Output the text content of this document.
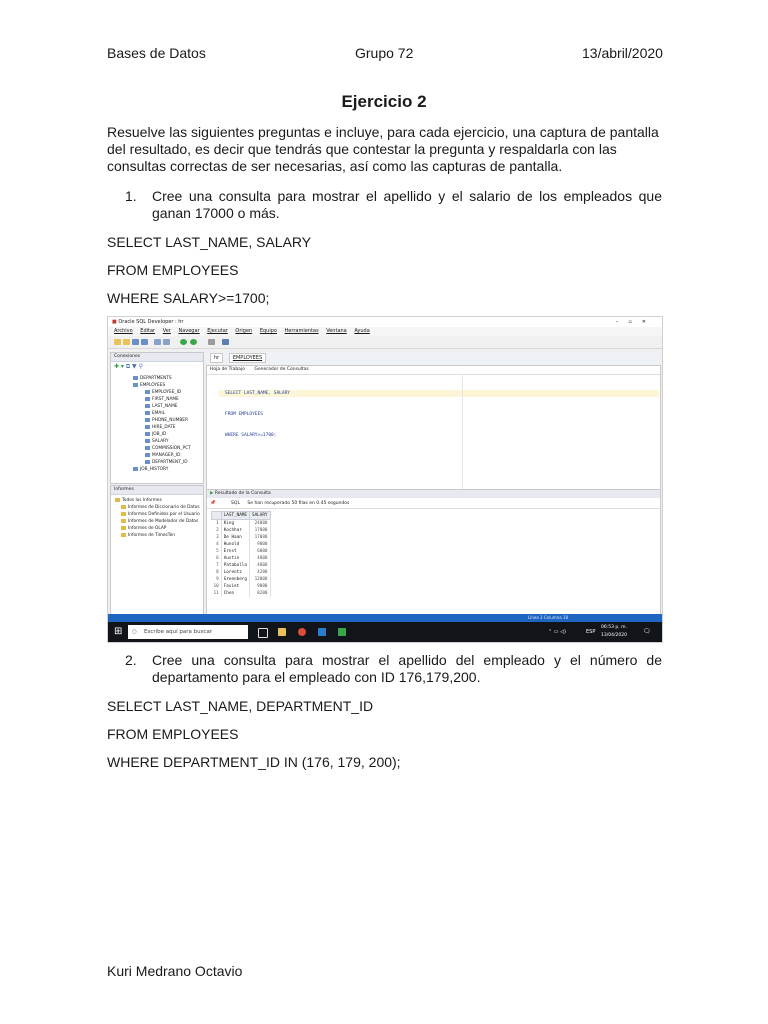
Bases de Datos	Grupo 72	13/abril/2020
Ejercicio 2
Resuelve las siguientes preguntas e incluye, para cada ejercicio, una captura de pantalla del resultado, es decir que tendrás que contestar la pregunta y respaldarla con las consultas correctas de ser necesarias, así como las capturas de pantalla.
1. Cree una consulta para mostrar el apellido y el salario de los empleados que ganan 17000 o más.
SELECT LAST_NAME, SALARY
FROM EMPLOYEES
WHERE SALARY>=1700;
■ Oracle SQL Developer : hr	–▫✕
Archivo Editar Ver Navegar Ejecutar Origen Equipo Herramientas Ventana Ayuda
Conexiones
✚ ▾ ⧉ ▼ ⚲
DEPARTMENTS
EMPLOYEES
EMPLOYEE_ID
FIRST_NAME
LAST_NAME
EMAIL
PHONE_NUMBER
HIRE_DATE
JOB_ID
SALARY
COMMISSION_PCT
MANAGER_ID
DEPARTMENT_ID
JOB_HISTORY
Informes
Todos los Informes
Informes de Diccionario de Datos
Informes Definidos por el Usuario
Informes de Modelador de Datos
Informes de OLAP
Informes de TimesTen
hr	EMPLOYEES
Hoja de Trabajo Generador de Consultas

SELECT LAST_NAME, SALARY

FROM EMPLOYEES

WHERE SALARY>=1700;

▶ Resultado de la Consulta
📌	SQL Se han recuperado 50 filas en 0.45 segundos
	LAST_NAME	SALARY
1	King	24000
2	Kochhar	17000
3	De Haan	17000
4	Hunold	9000
5	Ernst	6000
6	Austin	4800
7	Pataballa	4800
8	Lorentz	4200
9	Greenberg	12008
10	Faviet	9000
11	Chen	8200
Línea 3 Columna 18
⊞ ○ Escribe aquí para buscar	⌃ ▭ ◁)	ESP
06:53 p. m.
13/04/2020
🗨
2. Cree una consulta para mostrar el apellido del empleado y el número de departamento para el empleado con ID 176,179,200.
SELECT LAST_NAME, DEPARTMENT_ID
FROM EMPLOYEES
WHERE DEPARTMENT_ID IN (176, 179, 200);
Kuri Medrano Octavio
